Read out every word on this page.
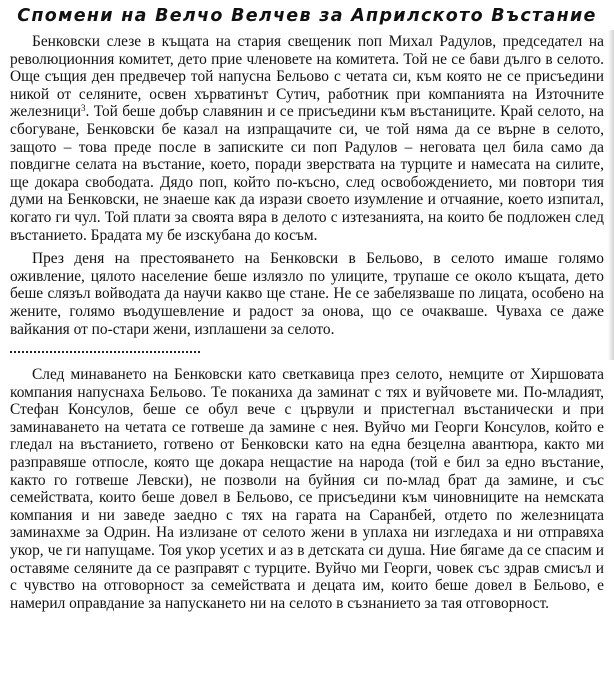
Спомени на Велчо Велчев за Априлското Въстание

Бенковски слезе в къщата на стария свещеник поп Михал Радулов, председател на революционния комитет, дето прие членовете на комитета. Той не се бави дълго в селото. Още същия ден предвечер той напусна Бельово с четата си, към която не се присъедини никой от селяните, освен хърватинът Сутич, работник при компанията на Източните железници$^3$. Той беше добър славянин и се присъедини към въстаниците. Край селото, на сбогуване, Бенковски бе казал на изпращачите си, че той няма да се върне в селото, защото – това преде после в записките си поп Радулов – неговата цел била само да повдигне селата на въстание, което, поради зверствата на турците и намесата на силите, ще докара свободата. Дядо поп, който по-късно, след освобождението, ми повтори тия думи на Бенковски, не знаеше как да изрази своето изумление и отчаяние, което изпитал, когато ги чул. Той плати за своята вяра в делото с изтезанията, на които бе подложен след въстанието. Брадата му бе изскубана до косъм.

През деня на престояването на Бенковски в Бельово, в селото имаше голямо оживление, цялото население беше излязло по улиците, трупаше се около къщата, дето беше слязъл войводата да научи какво ще стане. Не се забелязваше по лицата, особено на жените, голямо въодушевление и радост за онова, що се очакваше. Чуваха се даже вайкания от по-стари жени, изплашени за селото.

След минаването на Бенковски като светкавица през селото, немците от Хиршовата компания напуснаха Бельово. Те поканиха да заминат с тях и вуйчовете ми. По-младият, Стефан Консулов, беше се обул вече с цървули и пристегнал въстанически и при заминаването на четата се готвеше да замине с нея. Вуйчо ми Георги Консулов, който е гледал на въстанието, готвено от Бенковски като на една безцелна авантюра, както ми разправяше отпосле, която ще докара нещастие на народа (той е бил за едно въстание, както го готвеше Левски), не позволи на буйния си по-млад брат да замине, и със семействата, които беше довел в Бельово, се присъедини към чиновниците на немската компания и ни заведе заедно с тях на гарата на Саранбей, отдето по железницата заминахме за Одрин. На излизане от селото жени в уплаха ни изгледаха и ни отправяха укор, че ги напущаме. Тоя укор усетих и аз в детската си душа. Ние бягаме да се спасим и оставяме селяните да се разправят с турците. Вуйчо ми Георги, човек със здрав смисъл и с чувство на отговорност за семействата и децата им, които беше довел в Бельово, е намерил оправдание за напускането ни на селото в съзнанието за тая отговорност.
